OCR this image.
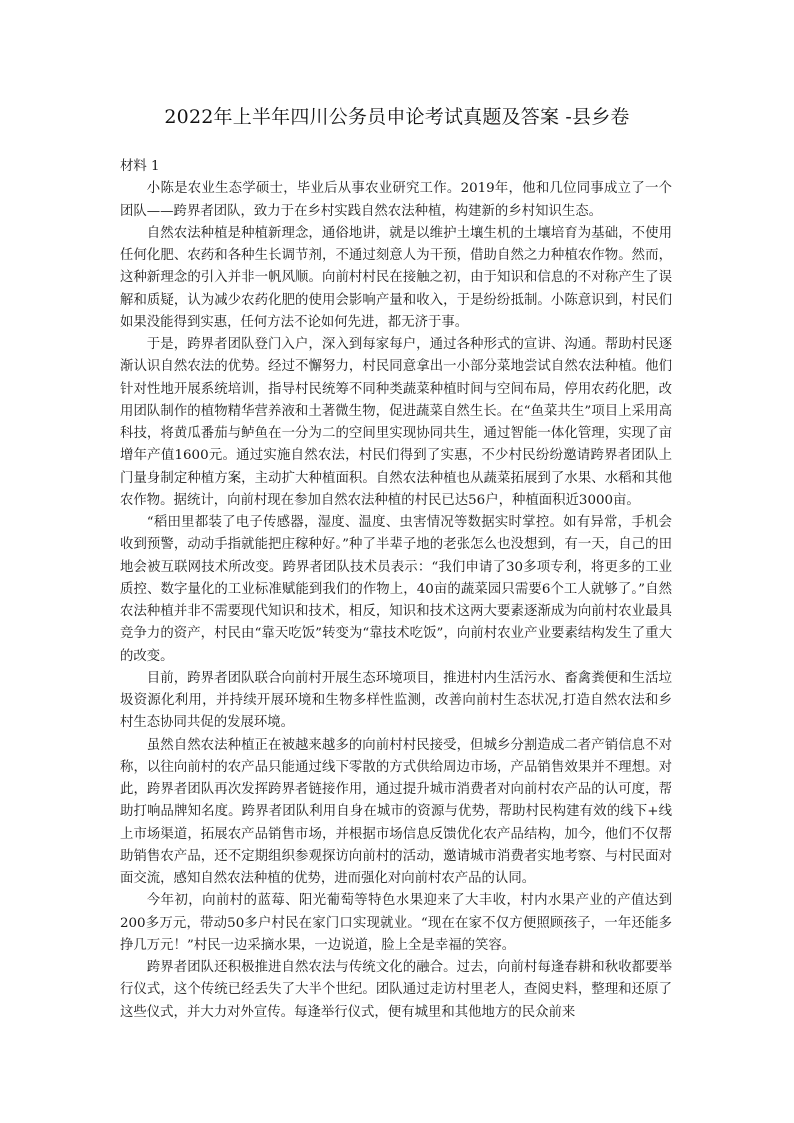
2022年上半年四川公务员申论考试真题及答案 -县乡卷

材料 1

小陈是农业生态学硕士，毕业后从事农业研究工作。2019年，他和几位同事成立了一个团队——跨界者团队，致力于在乡村实践自然农法种植，构建新的乡村知识生态。

自然农法种植是种植新理念，通俗地讲，就是以维护土壤生机的土壤培育为基础，不使用任何化肥、农药和各种生长调节剂，不通过刻意人为干预，借助自然之力种植农作物。然而，这种新理念的引入并非一帆风顺。向前村村民在接触之初，由于知识和信息的不对称产生了误解和质疑，认为减少农药化肥的使用会影响产量和收入，于是纷纷抵制。小陈意识到，村民们如果没能得到实惠，任何方法不论如何先进，都无济于事。

于是，跨界者团队登门入户，深入到每家每户，通过各种形式的宣讲、沟通。帮助村民逐渐认识自然农法的优势。经过不懈努力，村民同意拿出一小部分菜地尝试自然农法种植。他们针对性地开展系统培训，指导村民统筹不同种类蔬菜种植时间与空间布局，停用农药化肥，改用团队制作的植物精华营养液和土著微生物，促进蔬菜自然生长。在“鱼菜共生”项目上采用高科技，将黄瓜番茄与鲈鱼在一分为二的空间里实现协同共生，通过智能一体化管理，实现了亩增年产值1600元。通过实施自然农法，村民们得到了实惠，不少村民纷纷邀请跨界者团队上门量身制定种植方案，主动扩大种植面积。自然农法种植也从蔬菜拓展到了水果、水稻和其他农作物。据统计，向前村现在参加自然农法种植的村民已达56户，种植面积近3000亩。

“稻田里都装了电子传感器，湿度、温度、虫害情况等数据实时掌控。如有异常，手机会收到预警，动动手指就能把庄稼种好。”种了半辈子地的老张怎么也没想到，有一天，自己的田地会被互联网技术所改变。跨界者团队技术员表示：“我们申请了30多项专利，将更多的工业质控、数字量化的工业标准赋能到我们的作物上，40亩的蔬菜园只需要6个工人就够了。”自然农法种植并非不需要现代知识和技术，相反，知识和技术这两大要素逐渐成为向前村农业最具竞争力的资产，村民由“靠天吃饭”转变为“靠技术吃饭”，向前村农业产业要素结构发生了重大的改变。

目前，跨界者团队联合向前村开展生态环境项目，推进村内生活污水、畜禽粪便和生活垃圾资源化利用，并持续开展环境和生物多样性监测，改善向前村生态状况,打造自然农法和乡村生态协同共促的发展环境。

虽然自然农法种植正在被越来越多的向前村村民接受，但城乡分割造成二者产销信息不对称，以往向前村的农产品只能通过线下零散的方式供给周边市场，产品销售效果并不理想。对此，跨界者团队再次发挥跨界者链接作用，通过提升城市消费者对向前村农产品的认可度，帮助打响品牌知名度。跨界者团队利用自身在城市的资源与优势，帮助村民构建有效的线下+线上市场渠道，拓展农产品销售市场，并根据市场信息反馈优化农产品结构，加今，他们不仅帮助销售农产品，还不定期组织参观探访向前村的活动，邀请城市消费者实地考察、与村民面对面交流，感知自然农法种植的优势，进而强化对向前村农产品的认同。

今年初，向前村的蓝莓、阳光葡萄等特色水果迎来了大丰收，村内水果产业的产值达到200多万元，带动50多户村民在家门口实现就业。“现在在家不仅方便照顾孩子，一年还能多挣几万元！”村民一边采摘水果，一边说道，脸上全是幸福的笑容。

跨界者团队还积极推进自然农法与传统文化的融合。过去，向前村每逢春耕和秋收都要举行仪式，这个传统已经丢失了大半个世纪。团队通过走访村里老人，查阅史料，整理和还原了这些仪式，并大力对外宣传。每逢举行仪式，便有城里和其他地方的民众前来
